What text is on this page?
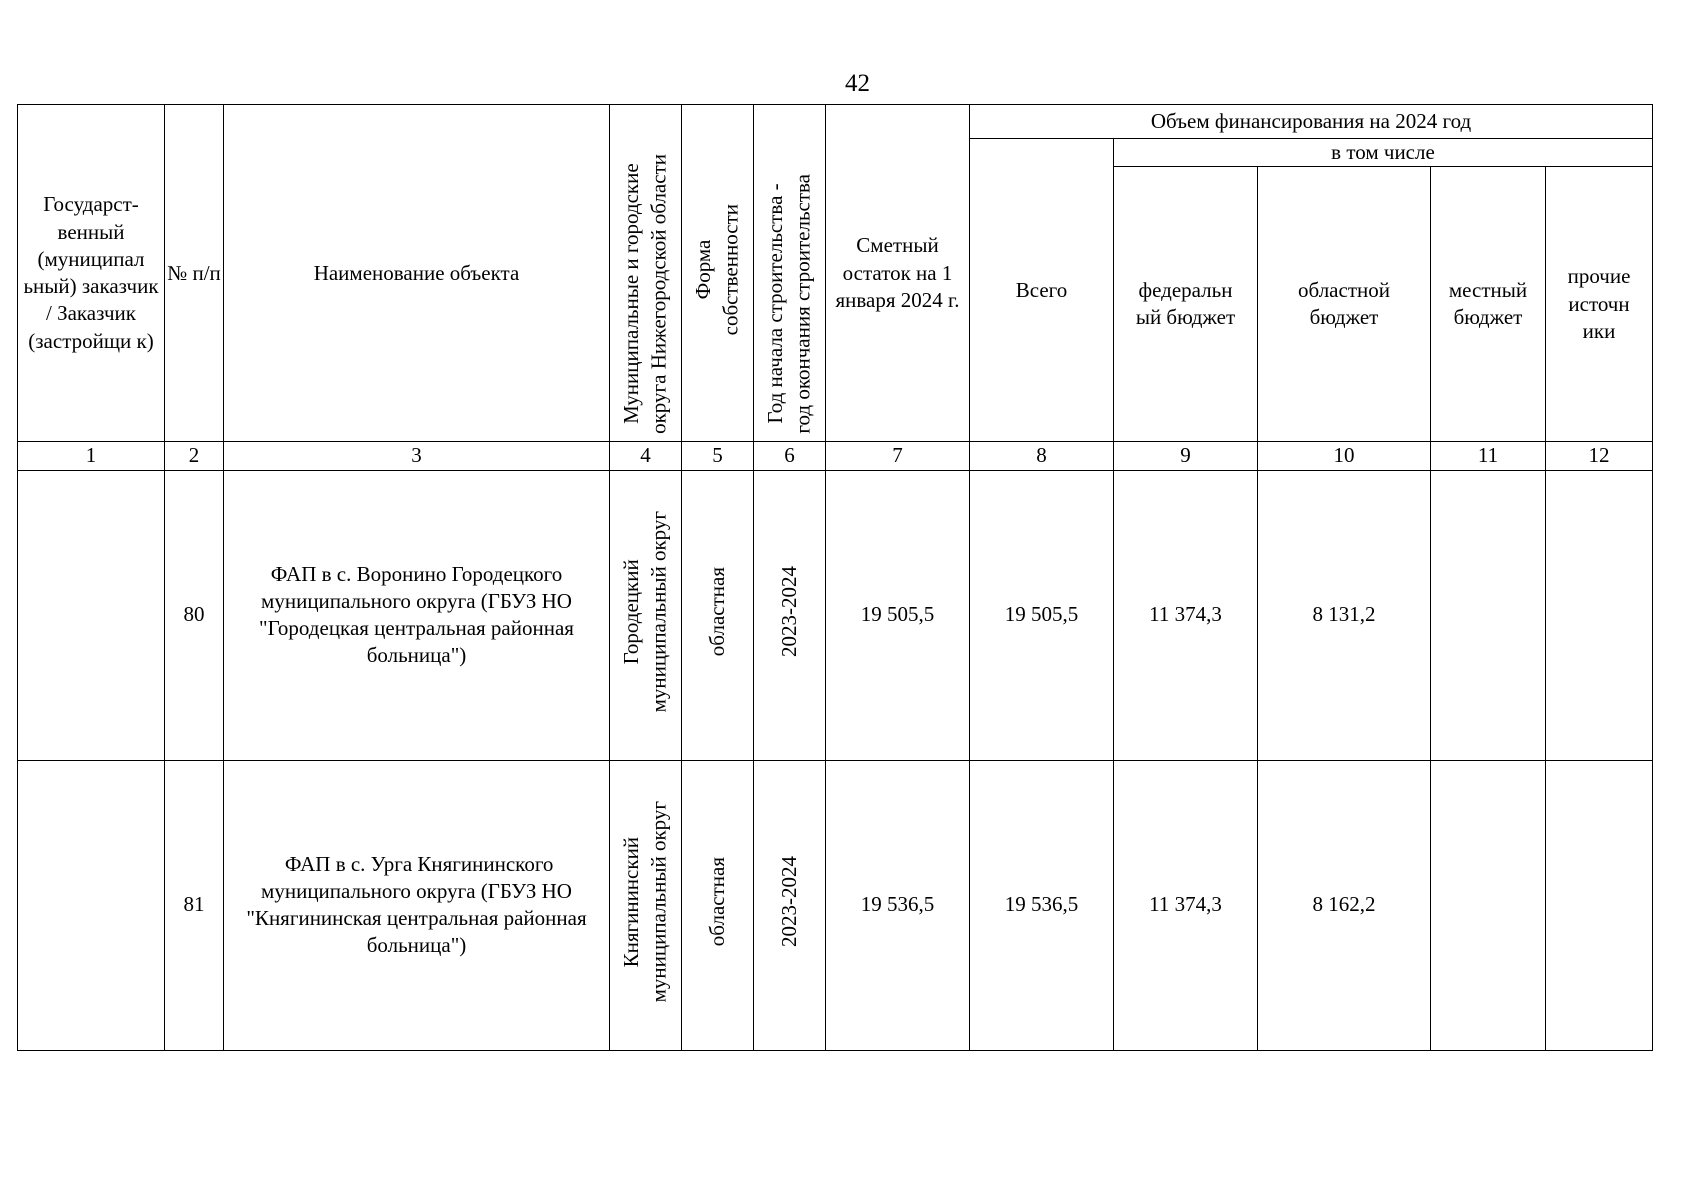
42
Государст-венный (муниципал ьный) заказчик / Заказчик (застройщи к)	№ п/п	Наименование объекта	Муниципальные и городские округа Нижегородской области	Форма собственности	Год начала строительства - год окончания строительства	Сметный остаток на 1 января 2024 г.	Объем финансирования на 2024 год				
							Всего	в том числе			
								федеральн ый бюджет	областной бюджет	местный бюджет	прочие источн ики
1	2	3	4	5	6	7	8	9	10	11	12
	80	ФАП в с. Воронино Городецкого муниципального округа (ГБУЗ НО "Городецкая центральная районная больница")	Городецкий муниципальный округ	областная	2023-2024	19 505,5	19 505,5	11 374,3	8 131,2		
	81	ФАП в с. Урга Княгининского муниципального округа (ГБУЗ НО "Княгининская центральная районная больница")	Княгининский муниципальный округ	областная	2023-2024	19 536,5	19 536,5	11 374,3	8 162,2		
